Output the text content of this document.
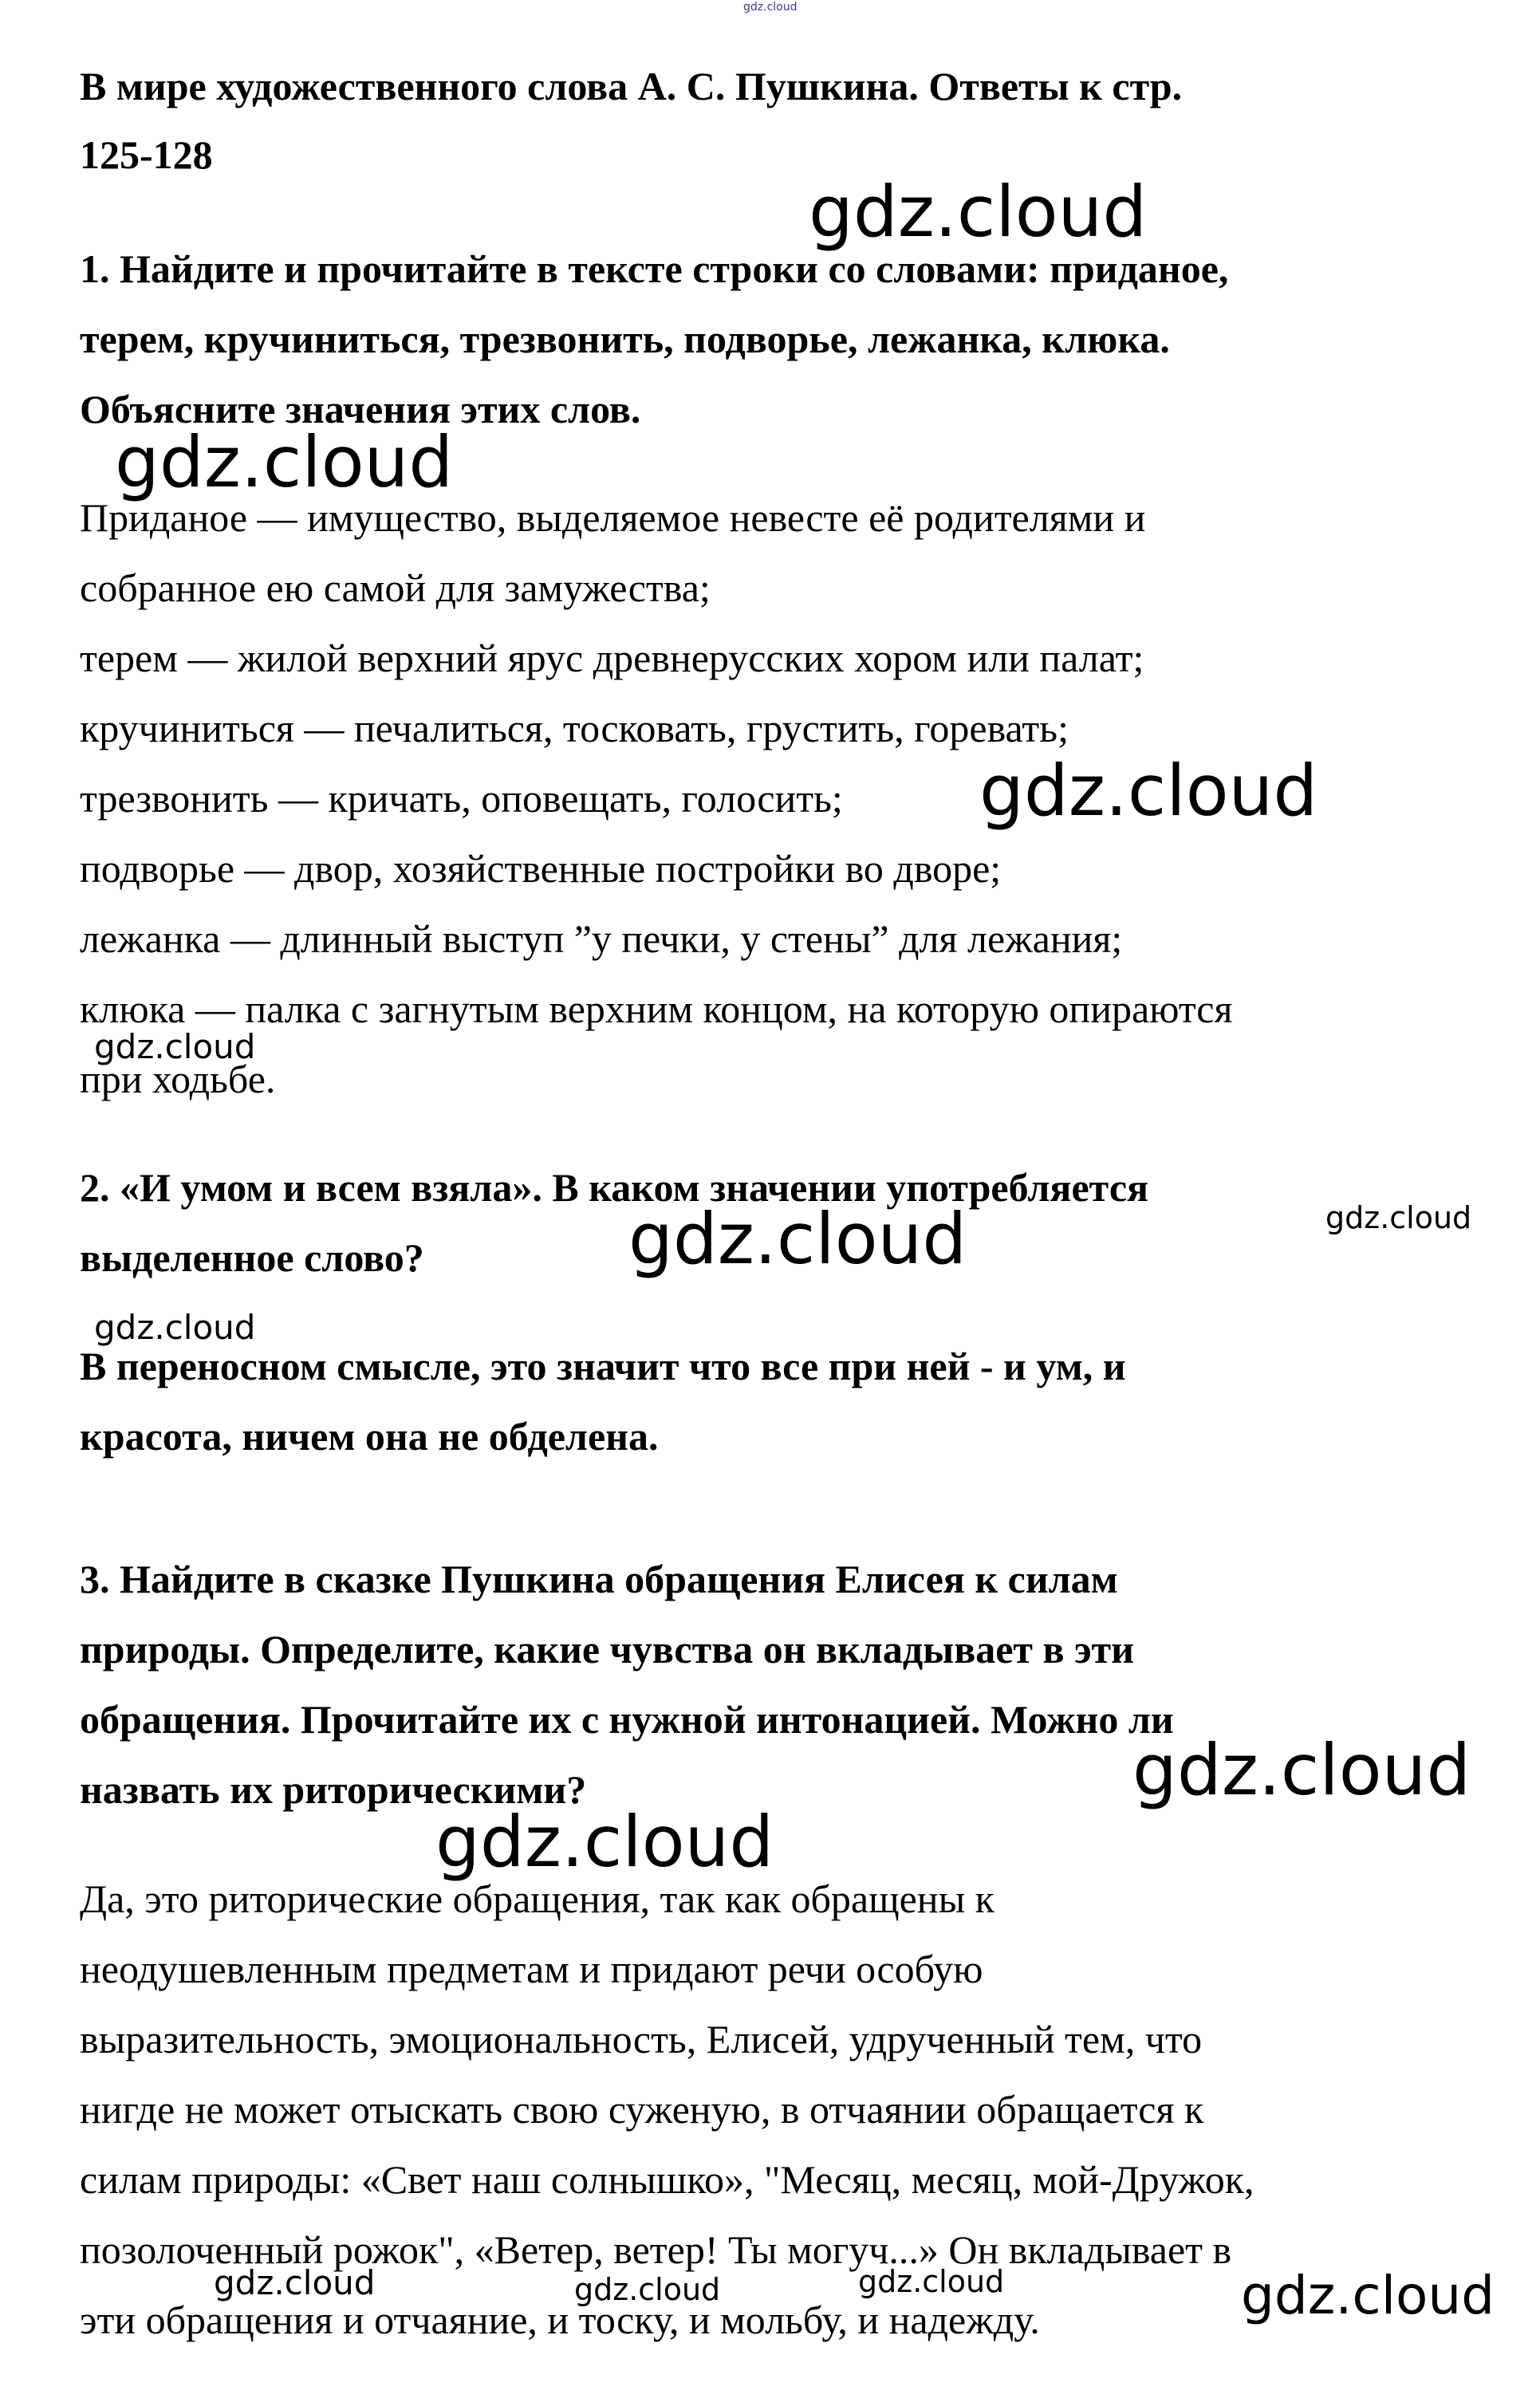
gdz.cloud
В мире художественного слова А. С. Пушкина. Ответы к стр.
125-128
1. Найдите и прочитайте в тексте строки со словами: приданое,
терем, кручиниться, трезвонить, подворье, лежанка, клюка.
Объясните значения этих слов.
Приданое — имущество, выделяемое невесте её родителями и
собранное ею самой для замужества;
терем — жилой верхний ярус древнерусских хором или палат;
кручиниться — печалиться, тосковать, грустить, горевать;
трезвонить — кричать, оповещать, голосить;
подворье — двор, хозяйственные постройки во дворе;
лежанка — длинный выступ ”у печки, у стены” для лежания;
клюка — палка с загнутым верхним концом, на которую опираются
при ходьбе.
2. «И умом и всем взяла». В каком значении употребляется
выделенное слово?
В переносном смысле, это значит что все при ней - и ум, и
красота, ничем она не обделена.
3. Найдите в сказке Пушкина обращения Елисея к силам
природы. Определите, какие чувства он вкладывает в эти
обращения. Прочитайте их с нужной интонацией. Можно ли
назвать их риторическими?
Да, это риторические обращения, так как обращены к
неодушевленным предметам и придают речи особую
выразительность, эмоциональность, Елисей, удрученный тем, что
нигде не может отыскать свою суженую, в отчаянии обращается к
силам природы: «Свет наш солнышко», "Месяц, месяц, мой-Дружок,
позолоченный рожок", «Ветер, ветер! Ты могуч...» Он вкладывает в
эти обращения и отчаяние, и тоску, и мольбу, и надежду.
gdz.cloud
gdz.cloud
gdz.cloud
gdz.cloud
gdz.cloud	gdz.cloud
gdz.cloud
gdz.cloud
gdz.cloud
gdz.cloud	gdz.cloud	gdz.cloud	gdz.cloud
